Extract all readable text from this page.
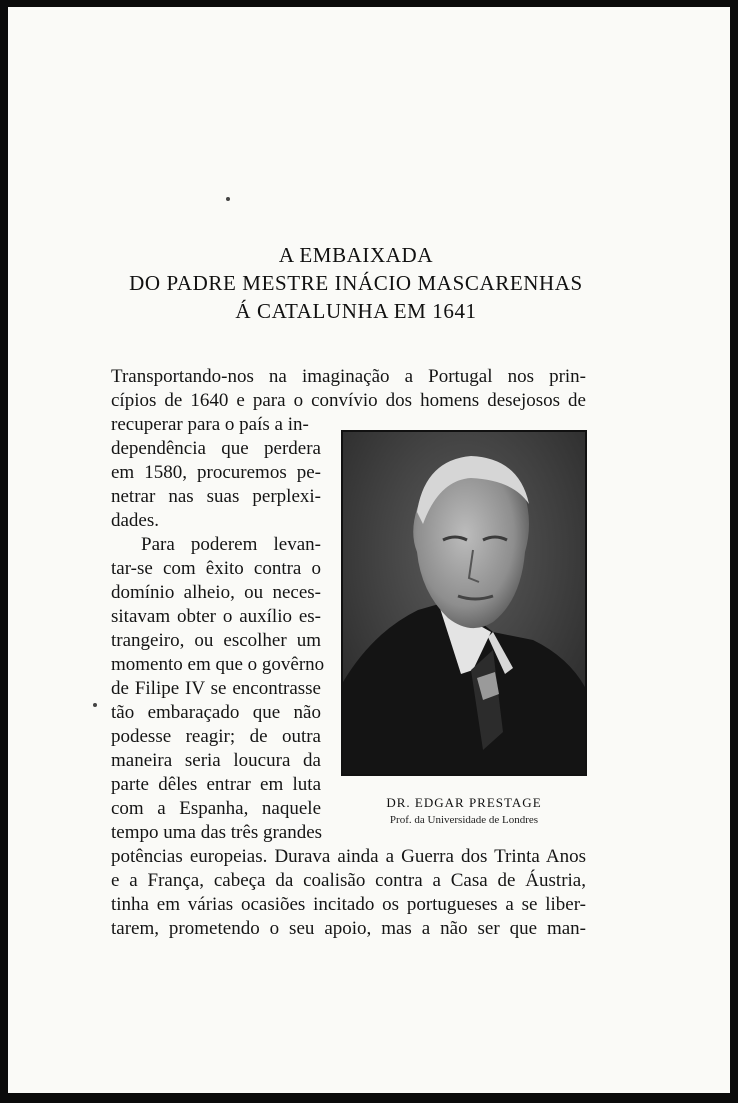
A EMBAIXADA
DO PADRE MESTRE INÁCIO MASCARENHAS
Á CATALUNHA EM 1641
Transportando-nos na imaginação a Portugal nos prin-
cípios de 1640 e para o convívio dos homens desejosos de
recuperar para o país a in-
dependência que perdera
em 1580, procuremos pe-
netrar nas suas perplexi-
dades.
Para poderem levan-
tar-se com êxito contra o
domínio alheio, ou neces-
sitavam obter o auxílio es-
trangeiro, ou escolher um
momento em que o govêrno
de Filipe IV se encontrasse
tão embaraçado que não
podesse reagir; de outra
maneira seria loucura da
parte dêles entrar em luta
com a Espanha, naquele
tempo uma das três grandes
potências europeias. Durava ainda a Guerra dos Trinta Anos
e a França, cabeça da coalisão contra a Casa de Áustria,
tinha em várias ocasiões incitado os portugueses a se liber-
tarem, prometendo o seu apoio, mas a não ser que man-
DR. EDGAR PRESTAGE
Prof. da Universidade de Londres
